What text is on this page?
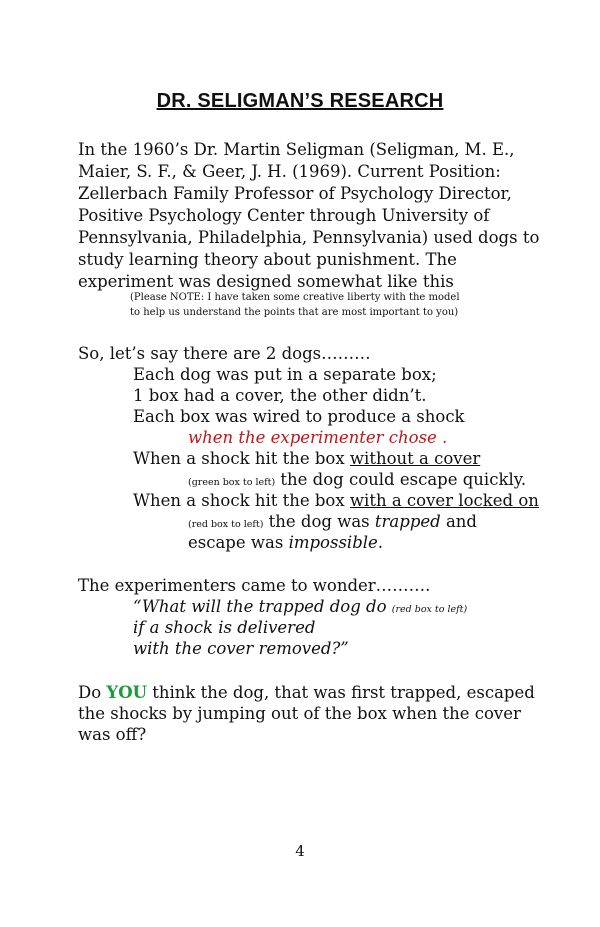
DR. SELIGMAN’S RESEARCH
In the 1960’s Dr. Martin Seligman (Seligman, M. E.,
Maier, S. F., & Geer, J. H. (1969). Current Position:
Zellerbach Family Professor of Psychology Director,
Positive Psychology Center through University of
Pennsylvania, Philadelphia, Pennsylvania) used dogs to
study learning theory about punishment. The
experiment was designed somewhat like this
(Please NOTE: I have taken some creative liberty with the model
to help us understand the points that are most important to you)
So, let’s say there are 2 dogs………
Each dog was put in a separate box;
1 box had a cover, the other didn’t.
Each box was wired to produce a shock
when the experimenter chose .
When a shock hit the box without a cover
(green box to left) the dog could escape quickly.
When a shock hit the box with a cover locked on
(red box to left) the dog was trapped and
escape was impossible.
The experimenters came to wonder……….
“What will the trapped dog do (red box to left)
if a shock is delivered
with the cover removed?”
Do YOU think the dog, that was first trapped, escaped
the shocks by jumping out of the box when the cover
was off?
4
